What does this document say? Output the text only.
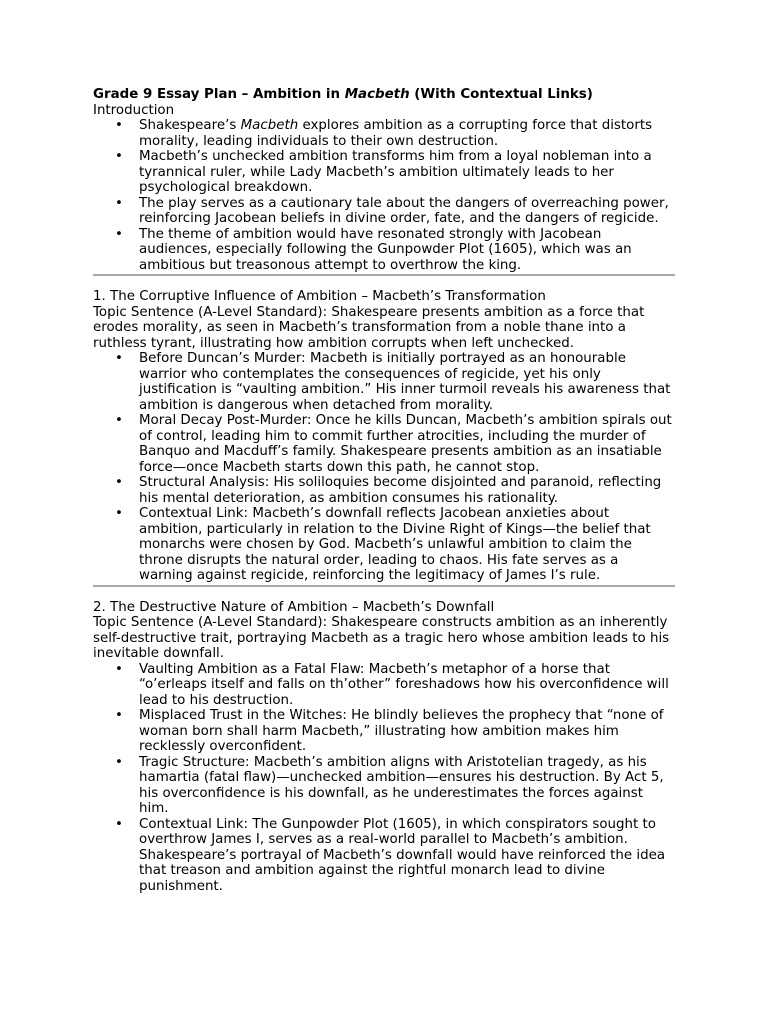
Grade 9 Essay Plan – Ambition in Macbeth (With Contextual Links)

Introduction

• Shakespeare’s Macbeth explores ambition as a corrupting force that distorts morality, leading individuals to their own destruction.
• Macbeth’s unchecked ambition transforms him from a loyal nobleman into a tyrannical ruler, while Lady Macbeth’s ambition ultimately leads to her psychological breakdown.
• The play serves as a cautionary tale about the dangers of overreaching power, reinforcing Jacobean beliefs in divine order, fate, and the dangers of regicide.
• The theme of ambition would have resonated strongly with Jacobean audiences, especially following the Gunpowder Plot (1605), which was an ambitious but treasonous attempt to overthrow the king.

1. The Corruptive Influence of Ambition – Macbeth’s Transformation

Topic Sentence (A-Level Standard): Shakespeare presents ambition as a force that erodes morality, as seen in Macbeth’s transformation from a noble thane into a ruthless tyrant, illustrating how ambition corrupts when left unchecked.

• Before Duncan’s Murder: Macbeth is initially portrayed as an honourable warrior who contemplates the consequences of regicide, yet his only justification is “vaulting ambition.” His inner turmoil reveals his awareness that ambition is dangerous when detached from morality.
• Moral Decay Post-Murder: Once he kills Duncan, Macbeth’s ambition spirals out of control, leading him to commit further atrocities, including the murder of Banquo and Macduff’s family. Shakespeare presents ambition as an insatiable force—once Macbeth starts down this path, he cannot stop.
• Structural Analysis: His soliloquies become disjointed and paranoid, reflecting his mental deterioration, as ambition consumes his rationality.
• Contextual Link: Macbeth’s downfall reflects Jacobean anxieties about ambition, particularly in relation to the Divine Right of Kings—the belief that monarchs were chosen by God. Macbeth’s unlawful ambition to claim the throne disrupts the natural order, leading to chaos. His fate serves as a warning against regicide, reinforcing the legitimacy of James I’s rule.

2. The Destructive Nature of Ambition – Macbeth’s Downfall

Topic Sentence (A-Level Standard): Shakespeare constructs ambition as an inherently self-destructive trait, portraying Macbeth as a tragic hero whose ambition leads to his inevitable downfall.

• Vaulting Ambition as a Fatal Flaw: Macbeth’s metaphor of a horse that “o’erleaps itself and falls on th’other” foreshadows how his overconfidence will lead to his destruction.
• Misplaced Trust in the Witches: He blindly believes the prophecy that “none of woman born shall harm Macbeth,” illustrating how ambition makes him recklessly overconfident.
• Tragic Structure: Macbeth’s ambition aligns with Aristotelian tragedy, as his hamartia (fatal flaw)—unchecked ambition—ensures his destruction. By Act 5, his overconfidence is his downfall, as he underestimates the forces against him.
• Contextual Link: The Gunpowder Plot (1605), in which conspirators sought to overthrow James I, serves as a real-world parallel to Macbeth’s ambition. Shakespeare’s portrayal of Macbeth’s downfall would have reinforced the idea that treason and ambition against the rightful monarch lead to divine punishment.
